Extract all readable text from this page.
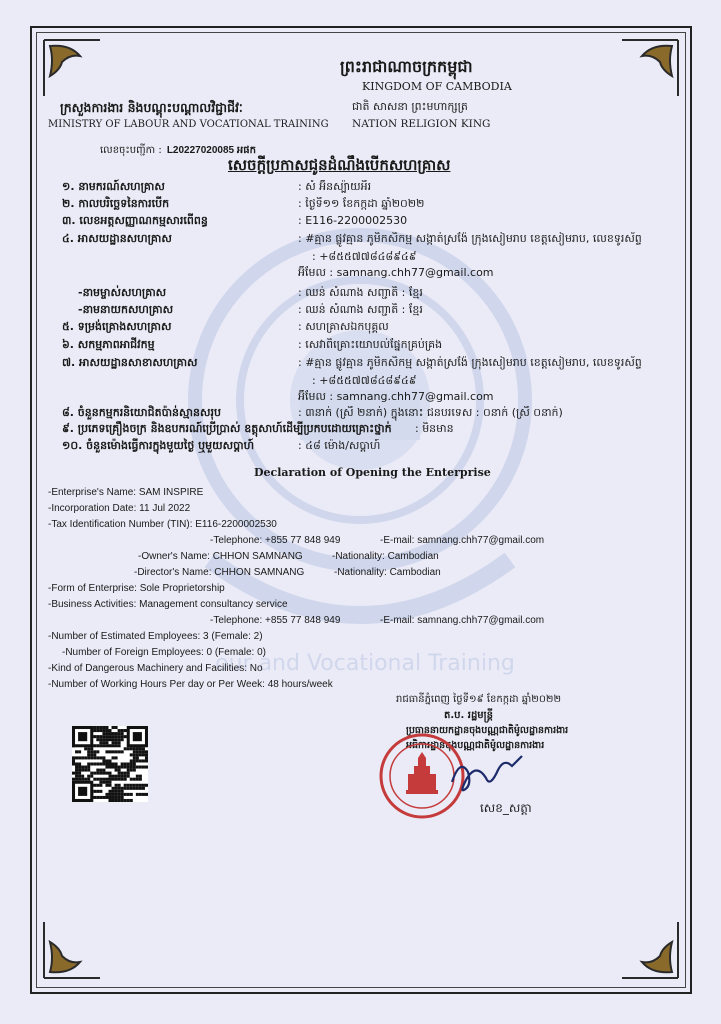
our and Vocational Training
ព្រះរាជាណាចក្រកម្ពុជា
KINGDOM OF CAMBODIA
ជាតិ សាសនា ព្រះមហាក្សត្រ
NATION RELIGION KING
ក្រសួងការងារ និងបណ្តុះបណ្តាលវិជ្ជាជីវៈ
MINISTRY OF LABOUR AND VOCATIONAL TRAINING
លេខចុះបញ្ជីកា : L20227020085 អផក
សេចក្តីប្រកាសជូនដំណឹងបើកសហគ្រាស
១. នាមករណ៍សហគ្រាស	: សំ អ៊ិនស្ប៉ាយអឺរ
២. កាលបរិច្ឆេទនៃការបើក	: ថ្ងៃទី១១ ខែកក្កដា ឆ្នាំ២០២២
៣. លេខអត្តសញ្ញាណកម្មសារពើពន្ធ	: E116-2200002530
៤. អាសយដ្ឋានសហគ្រាស	: #គ្មាន ផ្លូវគ្មាន ភូមិកសិកម្ម សង្កាត់ស្រង៉ែ ក្រុងសៀមរាប ខេត្តសៀមរាប, លេខទូរស័ព្ទ
: +៨៥៥៧៧៨៤៨៩៤៩
អ៊ីមែល : samnang.chh77@gmail.com
-នាមម្ចាស់សហគ្រាស	: ឈន់ សំណាង សញ្ជាតិ : ខ្មែរ
-នាមនាយកសហគ្រាស	: ឈន់ សំណាង សញ្ជាតិ : ខ្មែរ
៥. ទម្រង់គ្រោងសហគ្រាស	: សហគ្រាសឯកបុគ្គល
៦. សកម្មភាពអាជីវកម្ម	: សេវាពិគ្រោះយោបល់ផ្នែកគ្រប់គ្រង
៧. អាសយដ្ឋានសាខាសហគ្រាស	: #គ្មាន ផ្លូវគ្មាន ភូមិកសិកម្ម សង្កាត់ស្រង៉ែ ក្រុងសៀមរាប ខេត្តសៀមរាប, លេខទូរស័ព្ទ
: +៨៥៥៧៧៨៤៨៩៤៩
អ៊ីមែល : samnang.chh77@gmail.com
៨. ចំនួនកម្មករនិយោជិតប៉ាន់ស្មានសរុប	: ៣នាក់ (ស្រី ២នាក់) ក្នុងនោះ ជនបរទេស : ០នាក់ (ស្រី ០នាក់)
៩. ប្រភេទគ្រឿងចក្រ និងឧបករណ៍ប្រើប្រាស់ ឧត្តុសាហ៍ដើម្បីប្រកបដោយគ្រោះថ្នាក់ : មិនមាន
១០. ចំនួនម៉ោងធ្វើការក្នុងមួយថ្ងៃ ឬមួយសប្តាហ៍	: ៤៨ ម៉ោង/សប្តាហ៍
Declaration of Opening the Enterprise
-Enterprise's Name: SAM INSPIRE
-Incorporation Date: 11 Jul 2022
-Tax Identification Number (TIN): E116-2200002530
-Telephone: +855 77 848 949	-E-mail: samnang.chh77@gmail.com
-Owner's Name: CHHON SAMNANG	-Nationality: Cambodian
-Director's Name: CHHON SAMNANG	-Nationality: Cambodian
-Form of Enterprise: Sole Proprietorship
-Business Activities: Management consultancy service
-Telephone: +855 77 848 949	-E-mail: samnang.chh77@gmail.com
-Number of Estimated Employees: 3 (Female: 2)
-Number of Foreign Employees: 0 (Female: 0)
-Kind of Dangerous Machinery and Facilities: No
-Number of Working Hours Per day or Per Week: 48 hours/week
រាជធានីភ្នំពេញ ថ្ងៃទី១៩ ខែកក្កដា ឆ្នាំ២០២២
ត.ប. រដ្ឋមន្ត្រី
ប្រធាននាយកដ្ឋានចុងបណ្ណជាតិម៉ូលដ្ឋានការងារ
អធិការដ្ឋានចុងបណ្ណជាតិម៉ូលដ្ឋានការងារ
សេខ_សត្តា
